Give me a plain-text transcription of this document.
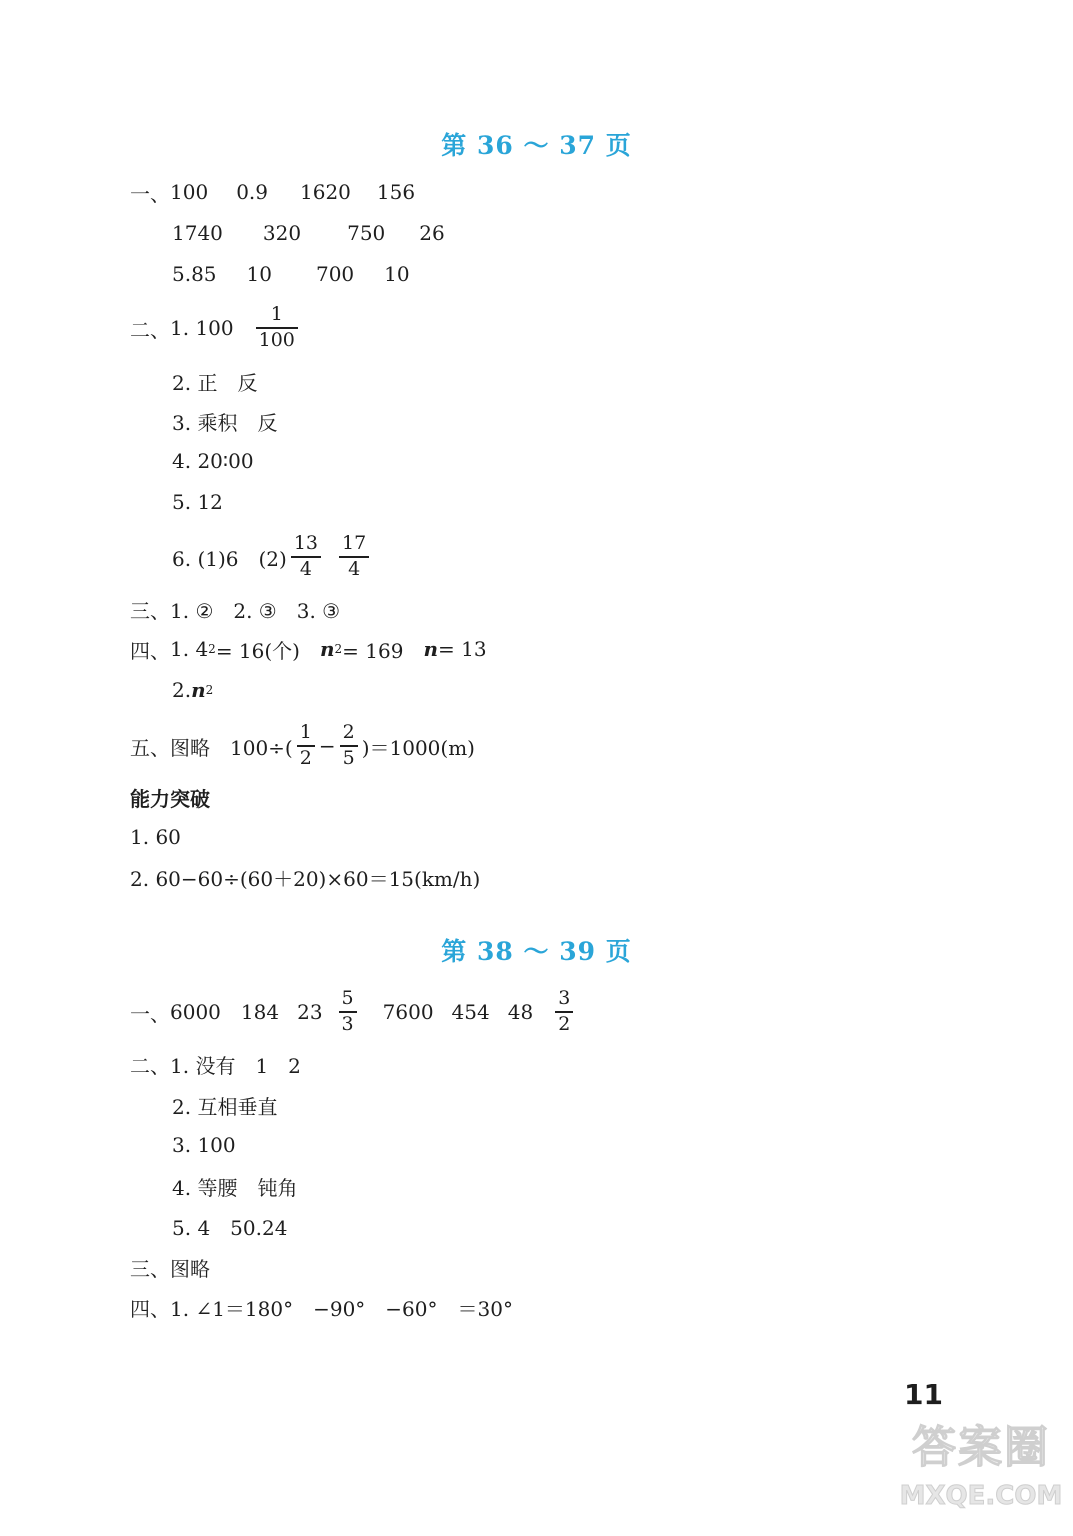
第 36 ～ 37 页
一、 100 0.9 1620 156
1740 320 750 26
5.85 10 700 10
二、 1. $100 \frac{1}{100}$
2. 正　反
3. 乘积　反
4. 20∶00
5. 12
6. (1)6　$(2) \frac{13}{4} \frac{17}{4}$
三、 1. ②　2. ③　3. ③
四、 1. 4 2 = 16(个)　 n 2 = 169　 n = 13
2. n 2
五、 图略　$100\div( \frac{1}{2} - \frac{2}{5} )=1000(m)$
能力突破
1. 60
2. 60−60÷(60＋20)×60＝15(km/h)
第 38 ～ 39 页
一、 6000 184 $23 \frac{5}{3} 7600$ 454 $48 \frac{3}{2}$
二、 1. 没有　1　2
2. 互相垂直
3. 100
4. 等腰　钝角
5. 4　50.24
三、 图略
四、 1. ∠1＝180°　−90°　−60°　＝30°
11
答案圈
MXQE.COM
